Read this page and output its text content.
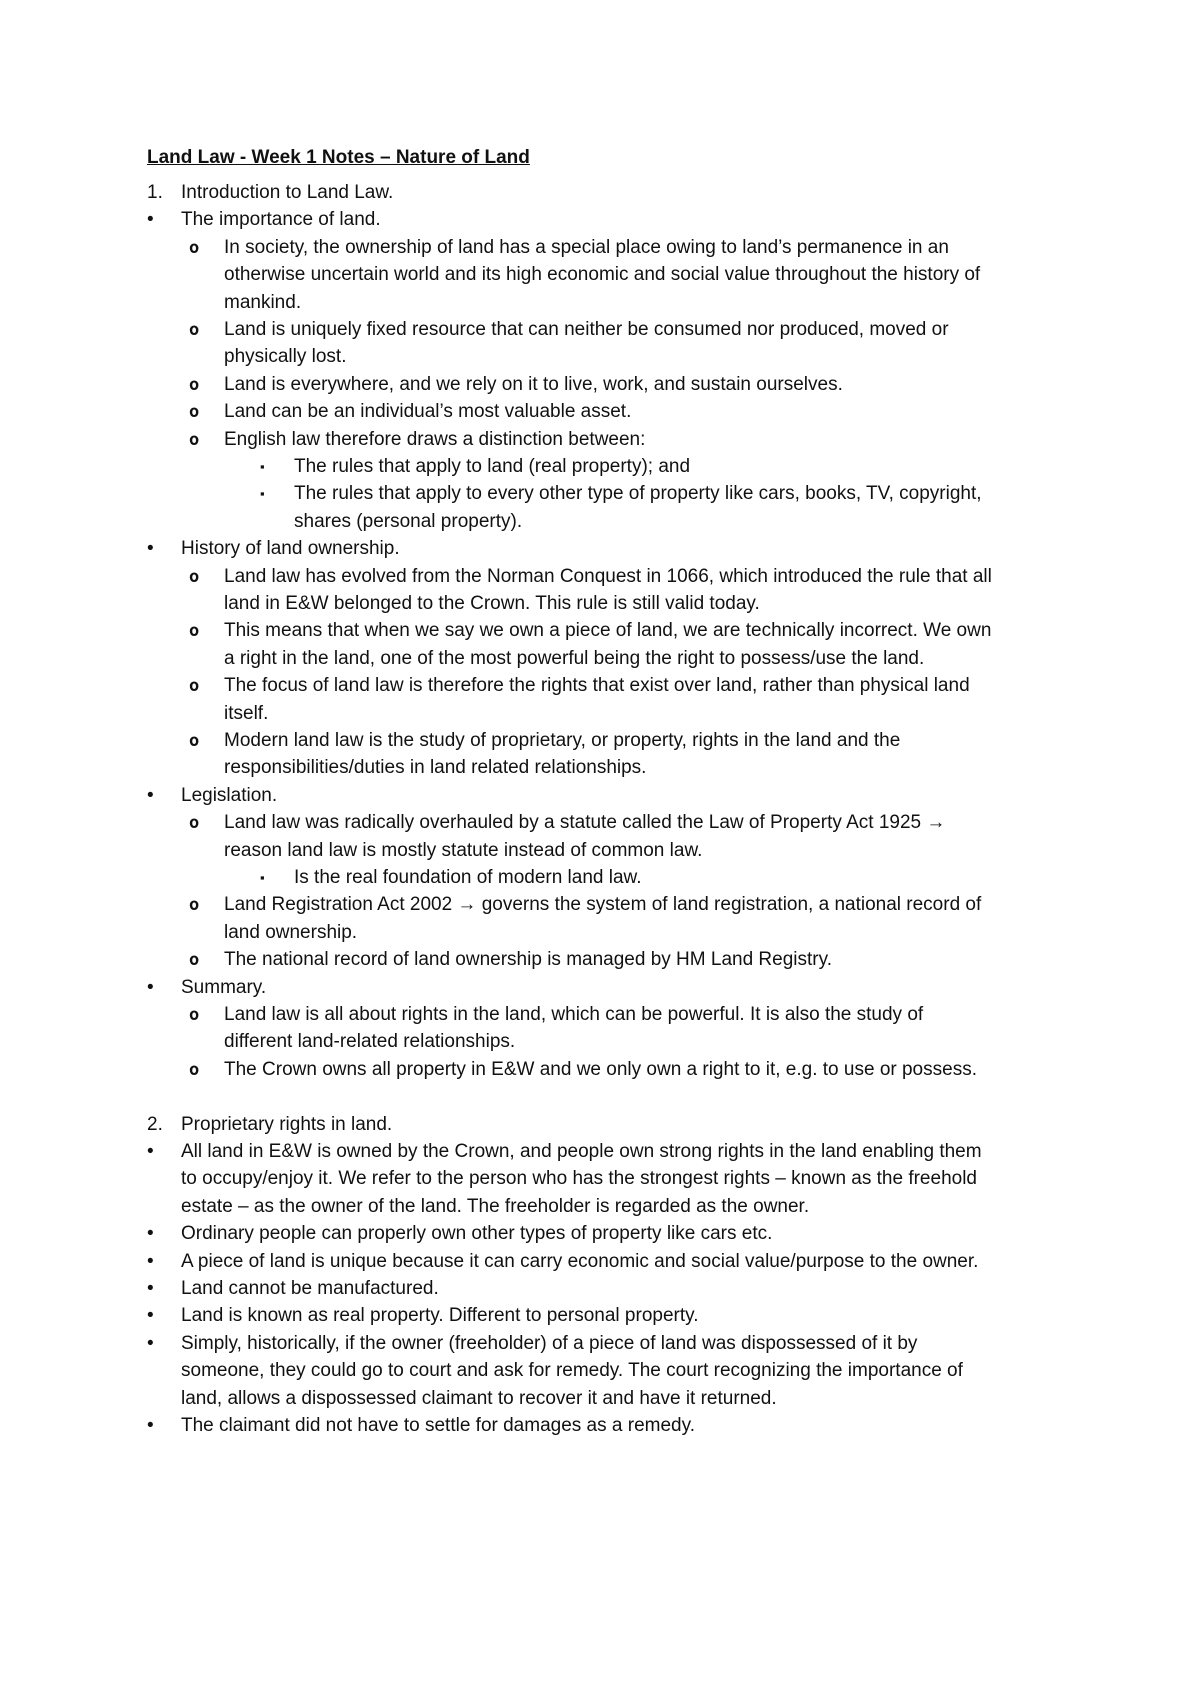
Land Law - Week 1 Notes – Nature of Land
1. Introduction to Land Law.
•	The importance of land.
o	In society, the ownership of land has a special place owing to land’s permanence in an
otherwise uncertain world and its high economic and social value throughout the history of
mankind.
o	Land is uniquely fixed resource that can neither be consumed nor produced, moved or
physically lost.
o	Land is everywhere, and we rely on it to live, work, and sustain ourselves.
o	Land can be an individual’s most valuable asset.
o	English law therefore draws a distinction between:
▪	The rules that apply to land (real property); and
▪	The rules that apply to every other type of property like cars, books, TV, copyright,
shares (personal property).
•	History of land ownership.
o	Land law has evolved from the Norman Conquest in 1066, which introduced the rule that all
land in E&W belonged to the Crown. This rule is still valid today.
o	This means that when we say we own a piece of land, we are technically incorrect. We own
a right in the land, one of the most powerful being the right to possess/use the land.
o	The focus of land law is therefore the rights that exist over land, rather than physical land
itself.
o	Modern land law is the study of proprietary, or property, rights in the land and the
responsibilities/duties in land related relationships.
•	Legislation.
o	Land law was radically overhauled by a statute called the Law of Property Act 1925 →
reason land law is mostly statute instead of common law.
▪	Is the real foundation of modern land law.
o	Land Registration Act 2002 → governs the system of land registration, a national record of
land ownership.
o	The national record of land ownership is managed by HM Land Registry.
•	Summary.
o	Land law is all about rights in the land, which can be powerful. It is also the study of
different land-related relationships.
o	The Crown owns all property in E&W and we only own a right to it, e.g. to use or possess.
2. Proprietary rights in land.
•	All land in E&W is owned by the Crown, and people own strong rights in the land enabling them
to occupy/enjoy it. We refer to the person who has the strongest rights – known as the freehold
estate – as the owner of the land. The freeholder is regarded as the owner.
•	Ordinary people can properly own other types of property like cars etc.
•	A piece of land is unique because it can carry economic and social value/purpose to the owner.
•	Land cannot be manufactured.
•	Land is known as real property. Different to personal property.
•	Simply, historically, if the owner (freeholder) of a piece of land was dispossessed of it by
someone, they could go to court and ask for remedy. The court recognizing the importance of
land, allows a dispossessed claimant to recover it and have it returned.
•	The claimant did not have to settle for damages as a remedy.
